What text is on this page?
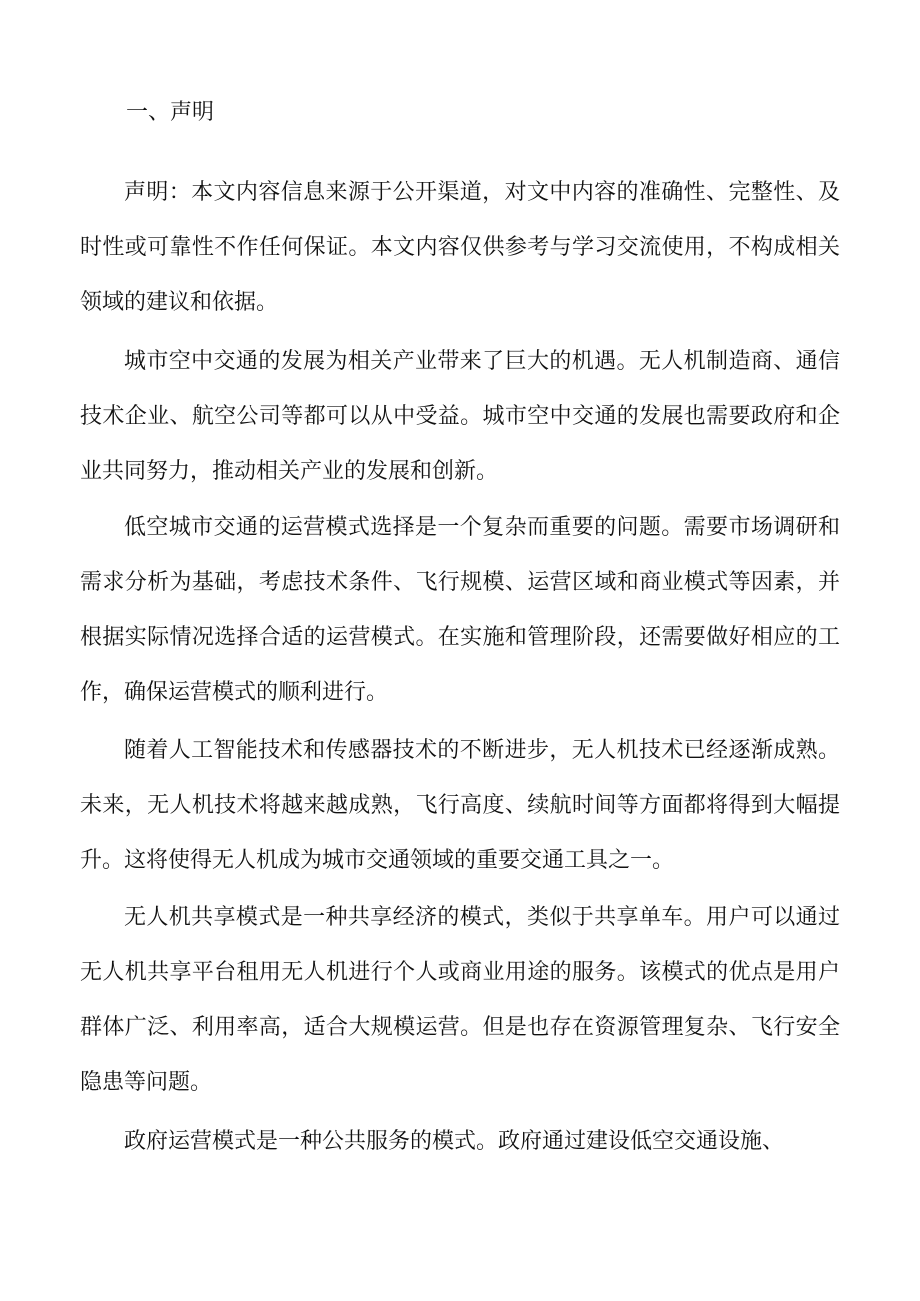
一、声明

声明：本文内容信息来源于公开渠道，对文中内容的准确性、完整性、及时性或可靠性不作任何保证。本文内容仅供参考与学习交流使用，不构成相关领域的建议和依据。

城市空中交通的发展为相关产业带来了巨大的机遇。无人机制造商、通信技术企业、航空公司等都可以从中受益。城市空中交通的发展也需要政府和企业共同努力，推动相关产业的发展和创新。

低空城市交通的运营模式选择是一个复杂而重要的问题。需要市场调研和需求分析为基础，考虑技术条件、飞行规模、运营区域和商业模式等因素，并根据实际情况选择合适的运营模式。在实施和管理阶段，还需要做好相应的工作，确保运营模式的顺利进行。

随着人工智能技术和传感器技术的不断进步，无人机技术已经逐渐成熟。未来，无人机技术将越来越成熟，飞行高度、续航时间等方面都将得到大幅提升。这将使得无人机成为城市交通领域的重要交通工具之一。

无人机共享模式是一种共享经济的模式，类似于共享单车。用户可以通过无人机共享平台租用无人机进行个人或商业用途的服务。该模式的优点是用户群体广泛、利用率高，适合大规模运营。但是也存在资源管理复杂、飞行安全隐患等问题。

政府运营模式是一种公共服务的模式。政府通过建设低空交通设施、
